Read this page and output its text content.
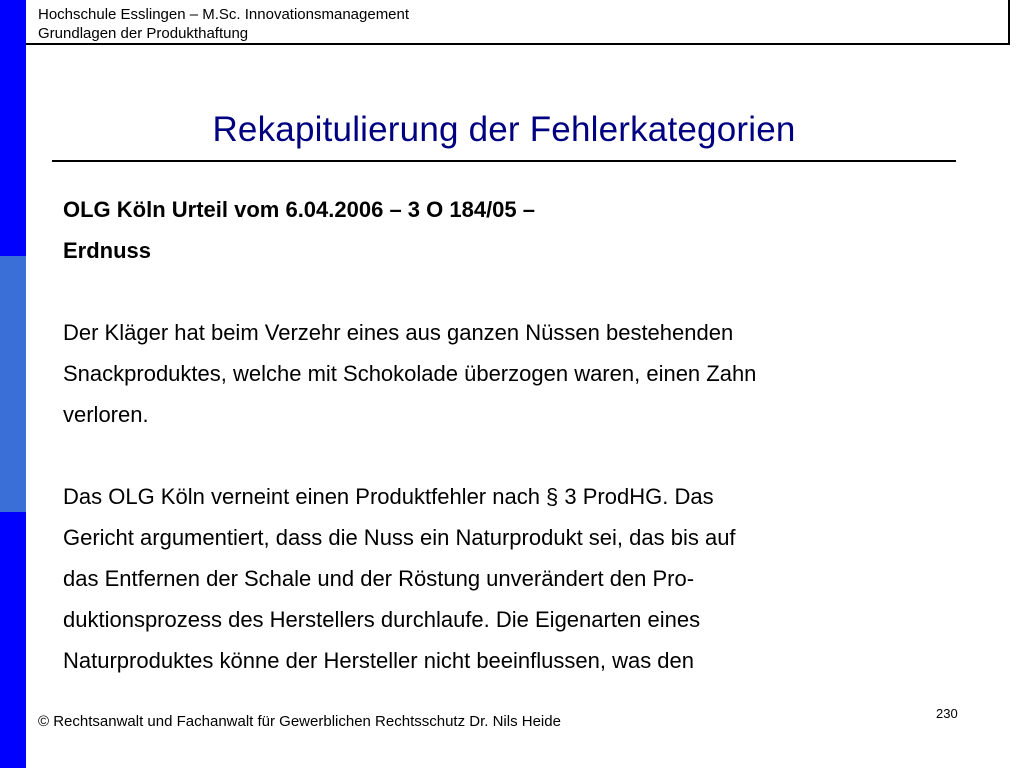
Hochschule Esslingen – M.Sc. Innovationsmanagement
Grundlagen der Produkthaftung
Rekapitulierung der Fehlerkategorien

OLG Köln Urteil vom 6.04.2006 – 3 O 184/05 –

Erdnuss

Der Kläger hat beim Verzehr eines aus ganzen Nüssen bestehenden

Snackproduktes, welche mit Schokolade überzogen waren, einen Zahn

verloren.

Das OLG Köln verneint einen Produktfehler nach § 3 ProdHG. Das

Gericht argumentiert, dass die Nuss ein Naturprodukt sei, das bis auf

das Entfernen der Schale und der Röstung unverändert den Pro-

duktionsprozess des Herstellers durchlaufe. Die Eigenarten eines

Naturproduktes könne der Hersteller nicht beeinflussen, was den

© Rechtsanwalt und Fachanwalt für Gewerblichen Rechtsschutz Dr. Nils Heide	230
